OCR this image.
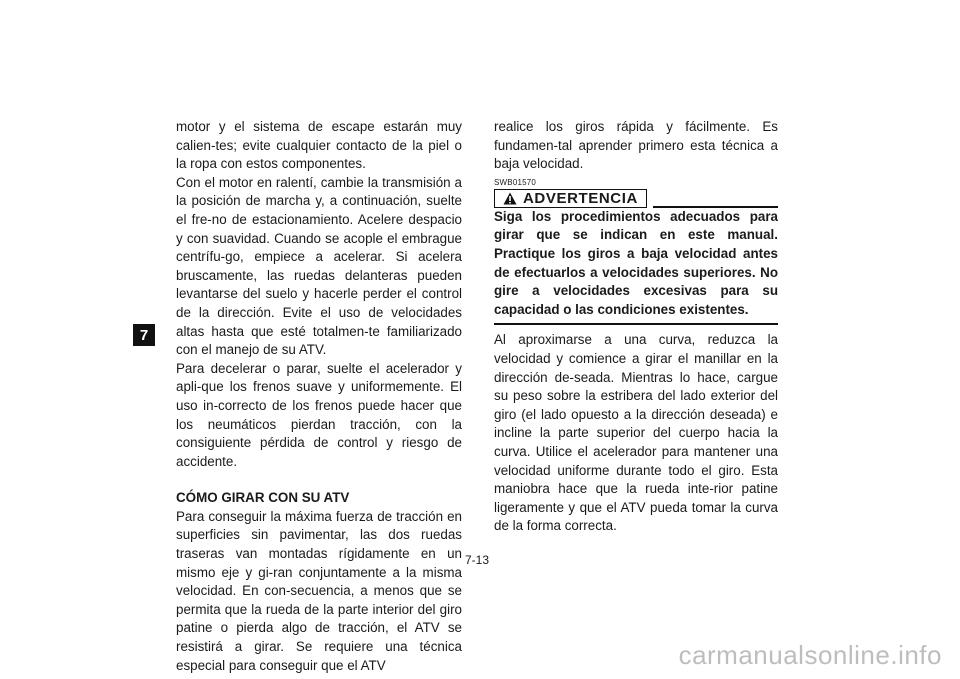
7

motor y el sistema de escape estarán muy calien-tes; evite cualquier contacto de la piel o la ropa con estos componentes.

Con el motor en ralentí, cambie la transmisión a la posición de marcha y, a continuación, suelte el fre-no de estacionamiento. Acelere despacio y con suavidad. Cuando se acople el embrague centrífu-go, empiece a acelerar. Si acelera bruscamente, las ruedas delanteras pueden levantarse del suelo y hacerle perder el control de la dirección. Evite el uso de velocidades altas hasta que esté totalmen-te familiarizado con el manejo de su ATV.

Para decelerar o parar, suelte el acelerador y apli-que los frenos suave y uniformemente. El uso in-correcto de los frenos puede hacer que los neumáticos pierdan tracción, con la consiguiente pérdida de control y riesgo de accidente.

CÓMO GIRAR CON SU ATV

Para conseguir la máxima fuerza de tracción en superficies sin pavimentar, las dos ruedas traseras van montadas rígidamente en un mismo eje y gi-ran conjuntamente a la misma velocidad. En con-secuencia, a menos que se permita que la rueda de la parte interior del giro patine o pierda algo de tracción, el ATV se resistirá a girar. Se requiere una técnica especial para conseguir que el ATV

realice los giros rápida y fácilmente. Es fundamen-tal aprender primero esta técnica a baja velocidad.

SWB01570
ADVERTENCIA

Siga los procedimientos adecuados para girar que se indican en este manual. Practique los giros a baja velocidad antes de efectuarlos a velocidades superiores. No gire a velocidades excesivas para su capacidad o las condiciones existentes.

Al aproximarse a una curva, reduzca la velocidad y comience a girar el manillar en la dirección de-seada. Mientras lo hace, cargue su peso sobre la estribera del lado exterior del giro (el lado opuesto a la dirección deseada) e incline la parte superior del cuerpo hacia la curva. Utilice el acelerador para mantener una velocidad uniforme durante todo el giro. Esta maniobra hace que la rueda inte-rior patine ligeramente y que el ATV pueda tomar la curva de la forma correcta.

7-13
carmanualsonline.info
